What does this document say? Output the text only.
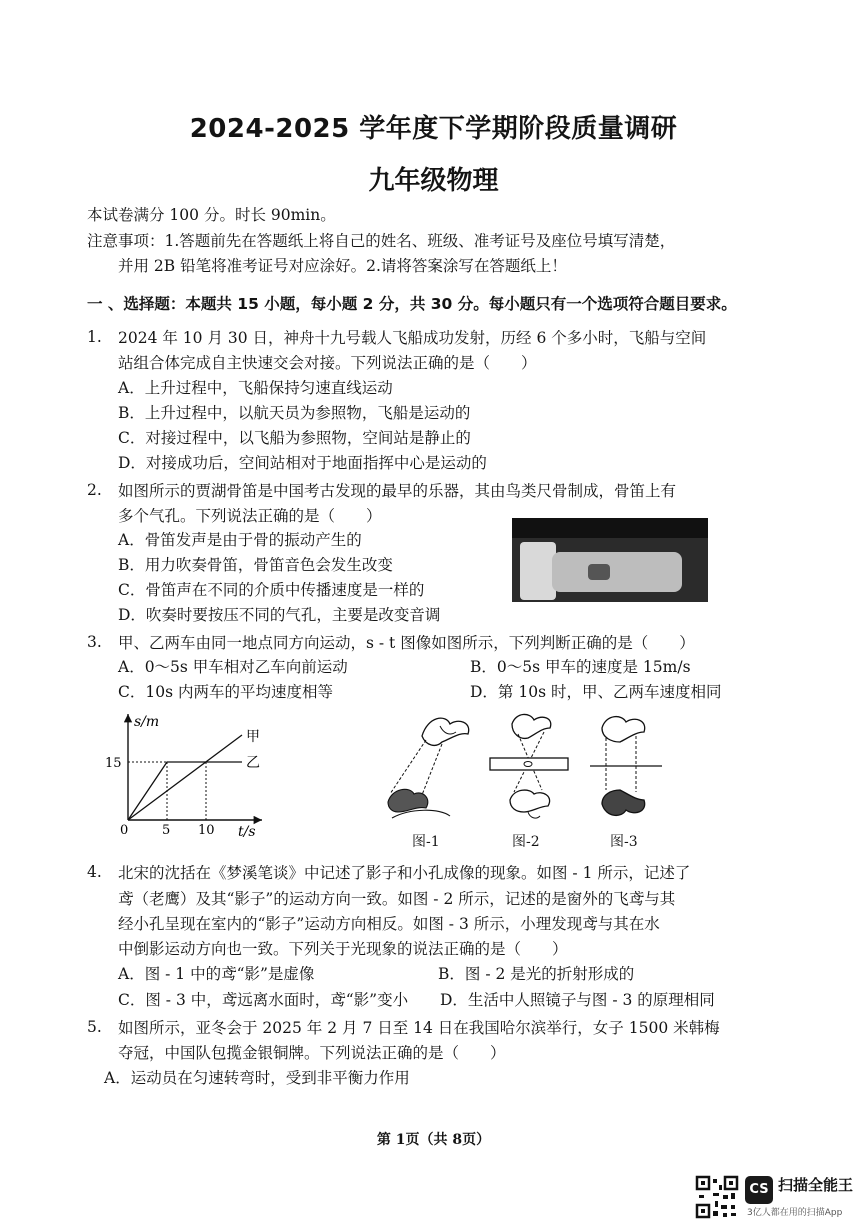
2024-2025 学年度下学期阶段质量调研
九年级物理
本试卷满分 100 分。时长 90min。
注意事项：1.答题前先在答题纸上将自己的姓名、班级、准考证号及座位号填写清楚，
并用 2B 铅笔将准考证号对应涂好。2.请将答案涂写在答题纸上！
一 、选择题：本题共 15 小题，每小题 2 分，共 30 分。每小题只有一个选项符合题目要求。
1. 2024 年 10 月 30 日，神舟十九号载人飞船成功发射，历经 6 个多小时，飞船与空间
站组合体完成自主快速交会对接。下列说法正确的是（　　）
A．上升过程中，飞船保持匀速直线运动
B．上升过程中，以航天员为参照物，飞船是运动的
C．对接过程中，以飞船为参照物，空间站是静止的
D．对接成功后，空间站相对于地面指挥中心是运动的
2. 如图所示的贾湖骨笛是中国考古发现的最早的乐器，其由鸟类尺骨制成，骨笛上有
多个气孔。下列说法正确的是（　　）
A．骨笛发声是由于骨的振动产生的
B．用力吹奏骨笛，骨笛音色会发生改变
C．骨笛声在不同的介质中传播速度是一样的
D．吹奏时要按压不同的气孔，主要是改变音调
3. 甲、乙两车由同一地点同方向运动，s - t 图像如图所示，下列判断正确的是（　　）
A．0～5s 甲车相对乙车向前运动	B．0～5s 甲车的速度是 15m/s
C．10s 内两车的平均速度相等	D．第 10s 时，甲、乙两车速度相同
s/m
t/s
0
15
5 10
甲
乙
图-1	图-2	图-3
4. 北宋的沈括在《梦溪笔谈》中记述了影子和小孔成像的现象。如图 - 1 所示，记述了
鸢（老鹰）及其“影子”的运动方向一致。如图 - 2 所示，记述的是窗外的飞鸢与其
经小孔呈现在室内的“影子”运动方向相反。如图 - 3 所示，小理发现鸢与其在水
中倒影运动方向也一致。下列关于光现象的说法正确的是（　　）
A．图 - 1 中的鸢“影”是虚像	B．图 - 2 是光的折射形成的
C．图 - 3 中，鸢远离水面时，鸢“影”变小 D．生活中人照镜子与图 - 3 的原理相同
5. 如图所示，亚冬会于 2025 年 2 月 7 日至 14 日在我国哈尔滨举行，女子 1500 米韩梅
夺冠，中国队包揽金银铜牌。下列说法正确的是（　　）
A．运动员在匀速转弯时，受到非平衡力作用
第 1页（共 8页）
CS 扫描全能王
3亿人都在用的扫描App
